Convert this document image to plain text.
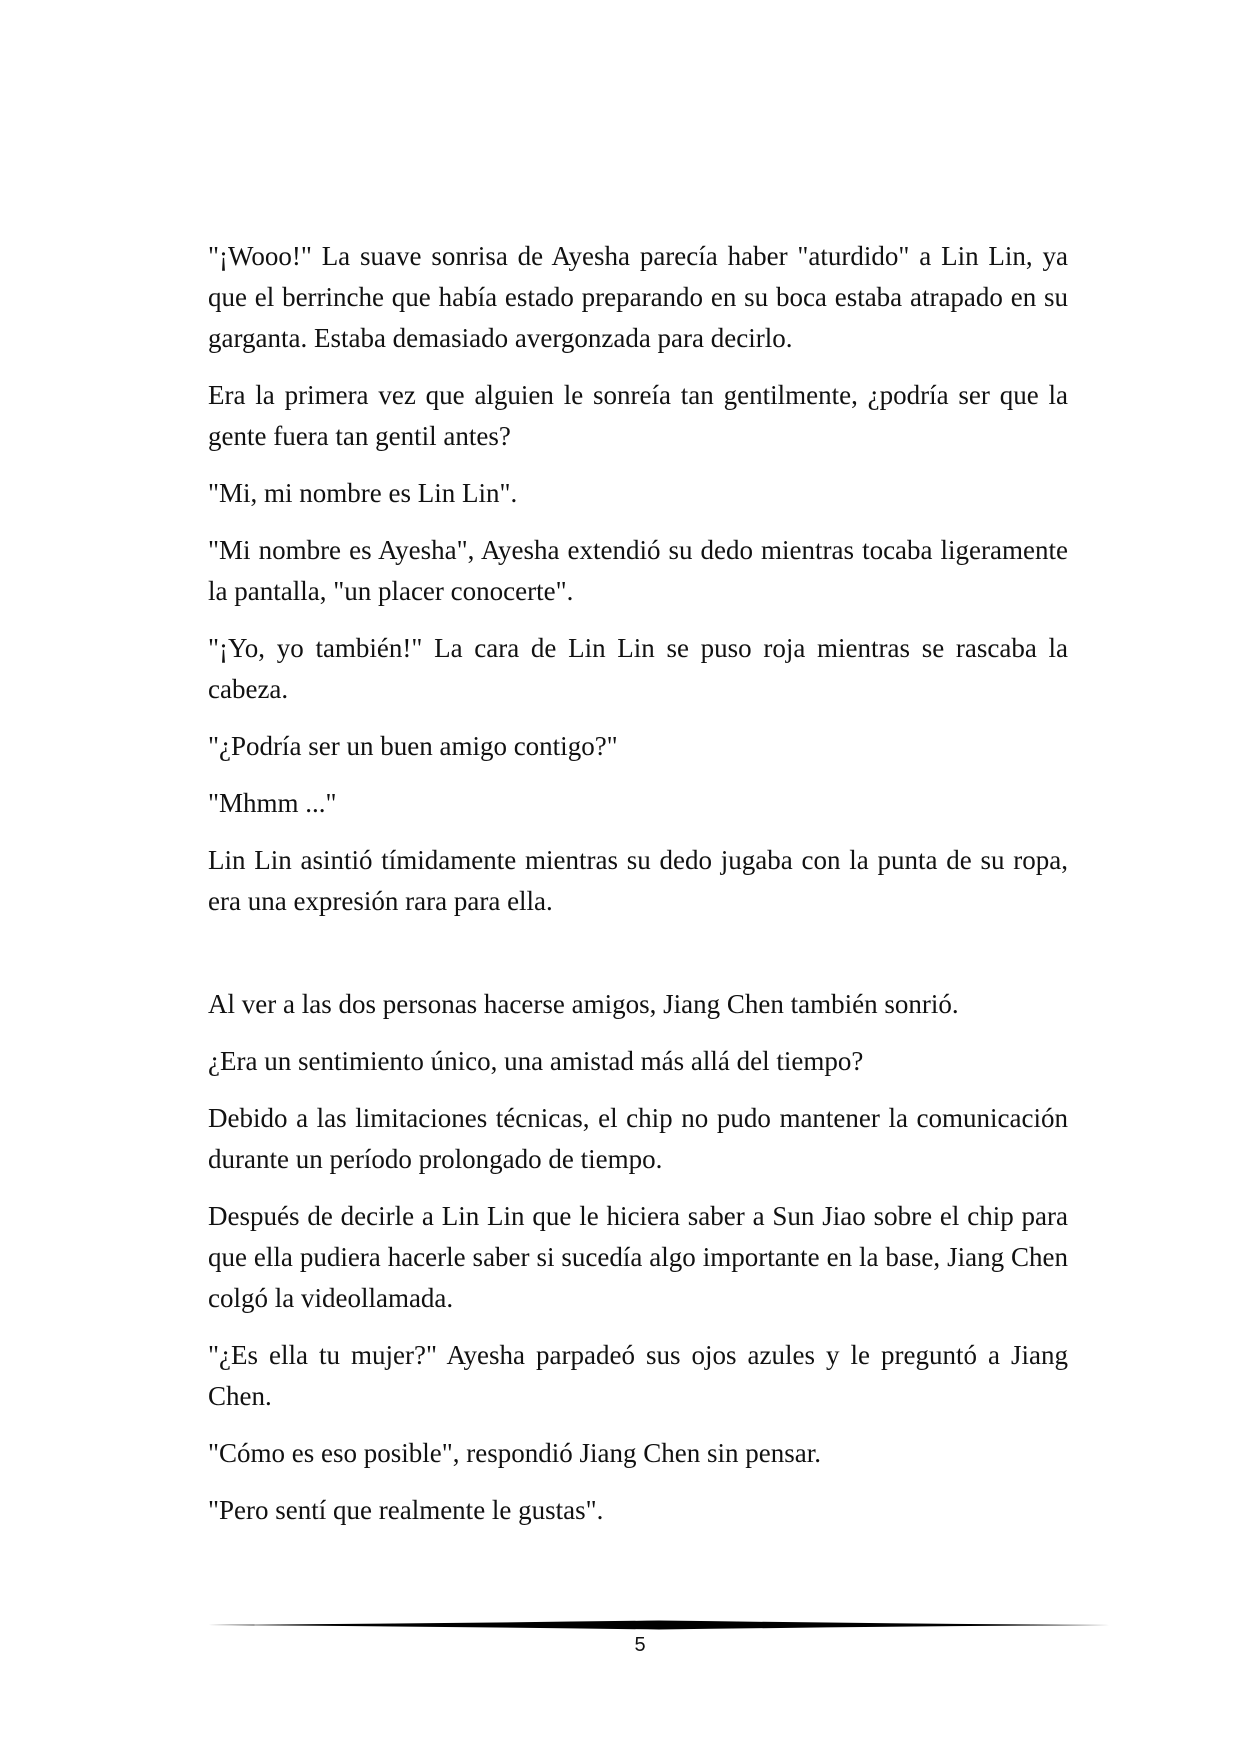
"¡Wooo!" La suave sonrisa de Ayesha parecía haber "aturdido" a Lin Lin, ya que el berrinche que había estado preparando en su boca estaba atrapado en su garganta. Estaba demasiado avergonzada para decirlo.

Era la primera vez que alguien le sonreía tan gentilmente, ¿podría ser que la gente fuera tan gentil antes?

"Mi, mi nombre es Lin Lin".

"Mi nombre es Ayesha", Ayesha extendió su dedo mientras tocaba ligeramente la pantalla, "un placer conocerte".

"¡Yo, yo también!" La cara de Lin Lin se puso roja mientras se rascaba la cabeza.

"¿Podría ser un buen amigo contigo?"

"Mhmm ..."

Lin Lin asintió tímidamente mientras su dedo jugaba con la punta de su ropa, era una expresión rara para ella.

Al ver a las dos personas hacerse amigos, Jiang Chen también sonrió.

¿Era un sentimiento único, una amistad más allá del tiempo?

Debido a las limitaciones técnicas, el chip no pudo mantener la comunicación durante un período prolongado de tiempo.

Después de decirle a Lin Lin que le hiciera saber a Sun Jiao sobre el chip para que ella pudiera hacerle saber si sucedía algo importante en la base, Jiang Chen colgó la videollamada.

"¿Es ella tu mujer?" Ayesha parpadeó sus ojos azules y le preguntó a Jiang Chen.

"Cómo es eso posible", respondió Jiang Chen sin pensar.

"Pero sentí que realmente le gustas".

5
